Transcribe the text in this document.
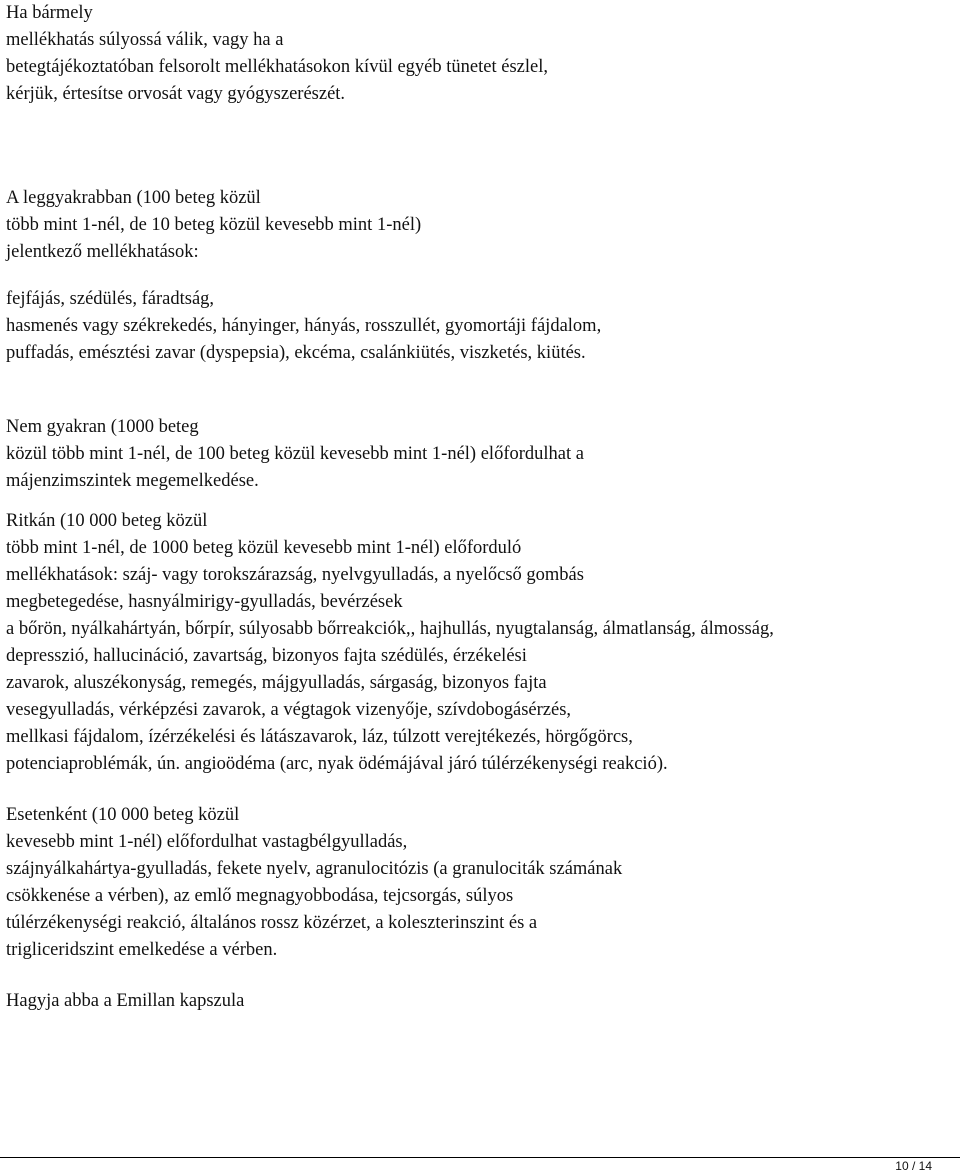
Ha bármely
mellékhatás súlyossá válik, vagy ha a
betegtájékoztatóban felsorolt mellékhatásokon kívül egyéb tünetet észlel,
kérjük, értesítse orvosát vagy gyógyszerészét.
A leggyakrabban (100 beteg közül
több mint 1-nél, de 10 beteg közül kevesebb mint 1-nél)
jelentkező mellékhatások:
fejfájás, szédülés, fáradtság,
hasmenés vagy székrekedés, hányinger, hányás, rosszullét, gyomortáji fájdalom,
puffadás, emésztési zavar (dyspepsia), ekcéma, csalánkiütés, viszketés, kiütés.
Nem gyakran (1000 beteg
közül több mint 1-nél, de 100 beteg közül kevesebb mint 1-nél) előfordulhat a
májenzimszintek megemelkedése.
Ritkán (10 000 beteg közül
több mint 1-nél, de 1000 beteg közül kevesebb mint 1-nél) előforduló
mellékhatások: száj- vagy torokszárazság, nyelvgyulladás, a nyelőcső gombás
megbetegedése, hasnyálmirigy-gyulladás, bevérzések
a bőrön, nyálkahártyán, bőrpír, súlyosabb bőrreakciók,, hajhullás, nyugtalanság, álmatlanság, álmosság,
depresszió, hallucináció, zavartság, bizonyos fajta szédülés, érzékelési
zavarok, aluszékonyság, remegés, májgyulladás, sárgaság, bizonyos fajta
vesegyulladás, vérképzési zavarok, a végtagok vizenyője, szívdobogásérzés,
mellkasi fájdalom, ízérzékelési és látászavarok, láz, túlzott verejtékezés, hörgőgörcs,
potenciaproblémák, ún. angioödéma (arc, nyak ödémájával járó túlérzékenységi reakció).
Esetenként (10 000 beteg közül
kevesebb mint 1-nél) előfordulhat vastagbélgyulladás,
szájnyálkahártya-gyulladás, fekete nyelv, agranulocitózis (a granulociták számának
csökkenése a vérben), az emlő megnagyobbodása, tejcsorgás, súlyos
túlérzékenységi reakció, általános rossz közérzet, a koleszterinszint és a
trigliceridszint emelkedése a vérben.
Hagyja abba a Emillan kapszula
10 / 14
